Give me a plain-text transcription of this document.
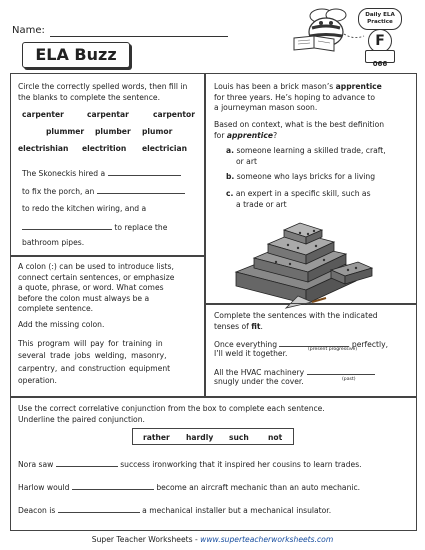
Name:
ELA Buzz
Daily ELA
Practice
F
066
Circle the correctly spelled words, then fill in the blanks to complete the sentence.
carpenter	carpentar	carpentor
plummer plumber plumor
electrishian electrition electrician
The Skoneckis hired a
to fix the porch, an
to redo the kitchen wiring, and a
to replace the
bathroom pipes.
Louis has been a brick mason’s apprentice
for three years. He’s hoping to advance to
a journeyman mason soon.
Based on context, what is the best definition
for apprentice?
a. someone learning a skilled trade, craft,
or art
b. someone who lays bricks for a living
c. an expert in a specific skill, such as
a trade or art
A colon (:) can be used to introduce lists,
connect certain sentences, or emphasize
a quote, phrase, or word. What comes
before the colon must always be a
complete sentence.
Add the missing colon.
This program will pay for training in
several trade jobs welding, masonry,
carpentry, and construction equipment
operation.
Complete the sentences with the indicated
tenses of fit.
Once everything	perfectly,
I’ll weld it together.	(present progressive)
All the HVAC machinery
snugly under the cover.	(past)
Use the correct correlative conjunction from the box to complete each sentence.
Underline the paired conjunction.
rather hardly such	not
Nora saw	success ironworking that it inspired her cousins to learn trades.
Harlow would	become an aircraft mechanic than an auto mechanic.
Deacon is	a mechanical installer but a mechanical insulator.
Super Teacher Worksheets - www.superteacherworksheets.com
